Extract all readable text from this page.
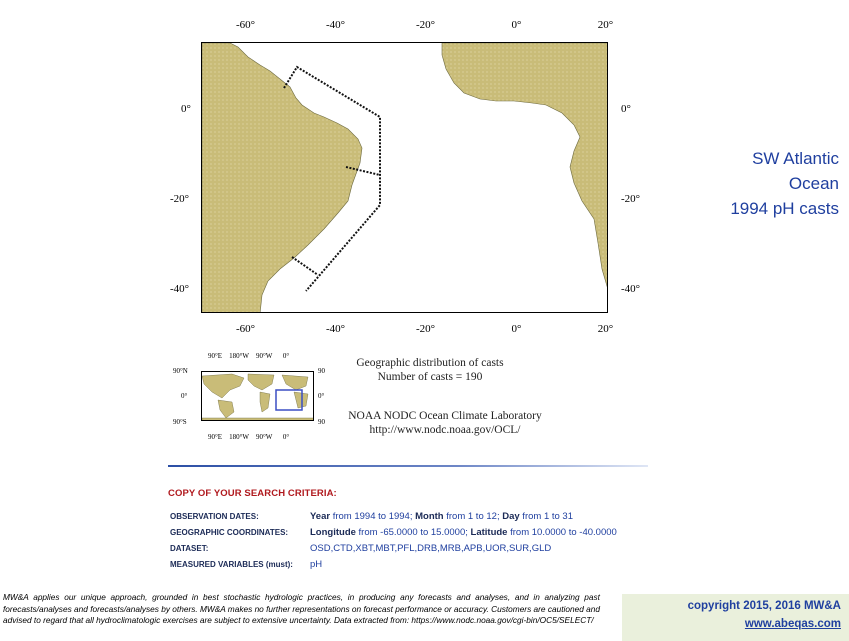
-60°	-40°	-20°	0°	20°
-60°	-40°	-20°	0°	20°
0°
-20°
-40°
0°
-20°
-40°
SW Atlantic
Ocean
1994 pH casts
90°E 180°W 90°W 0°
90°E 180°W 90°W 0°
90°N
0°
90°S
90
0°
90
Geographic distribution of casts
Number of casts = 190
NOAA NODC Ocean Climate Laboratory
http://www.nodc.noaa.gov/OCL/
COPY OF YOUR SEARCH CRITERIA:
OBSERVATION DATES:	Year from 1994 to 1994; Month from 1 to 12; Day from 1 to 31
GEOGRAPHIC COORDINATES:	Longitude from -65.0000 to 15.0000; Latitude from 10.0000 to -40.0000
DATASET:	OSD,CTD,XBT,MBT,PFL,DRB,MRB,APB,UOR,SUR,GLD
MEASURED VARIABLES (must):	pH
MW&A applies our unique approach, grounded in best stochastic hydrologic practices, in producing any forecasts and analyses, and in analyzing past forecasts/analyses and forecasts/analyses by others. MW&A makes no further representations on forecast performance or accuracy. Customers are cautioned and advised to regard that all hydroclimatologic exercises are subject to extensive uncertainty. Data extracted from: https://www.nodc.noaa.gov/cgi-bin/OC5/SELECT/
copyright 2015, 2016 MW&A
www.abeqas.com
